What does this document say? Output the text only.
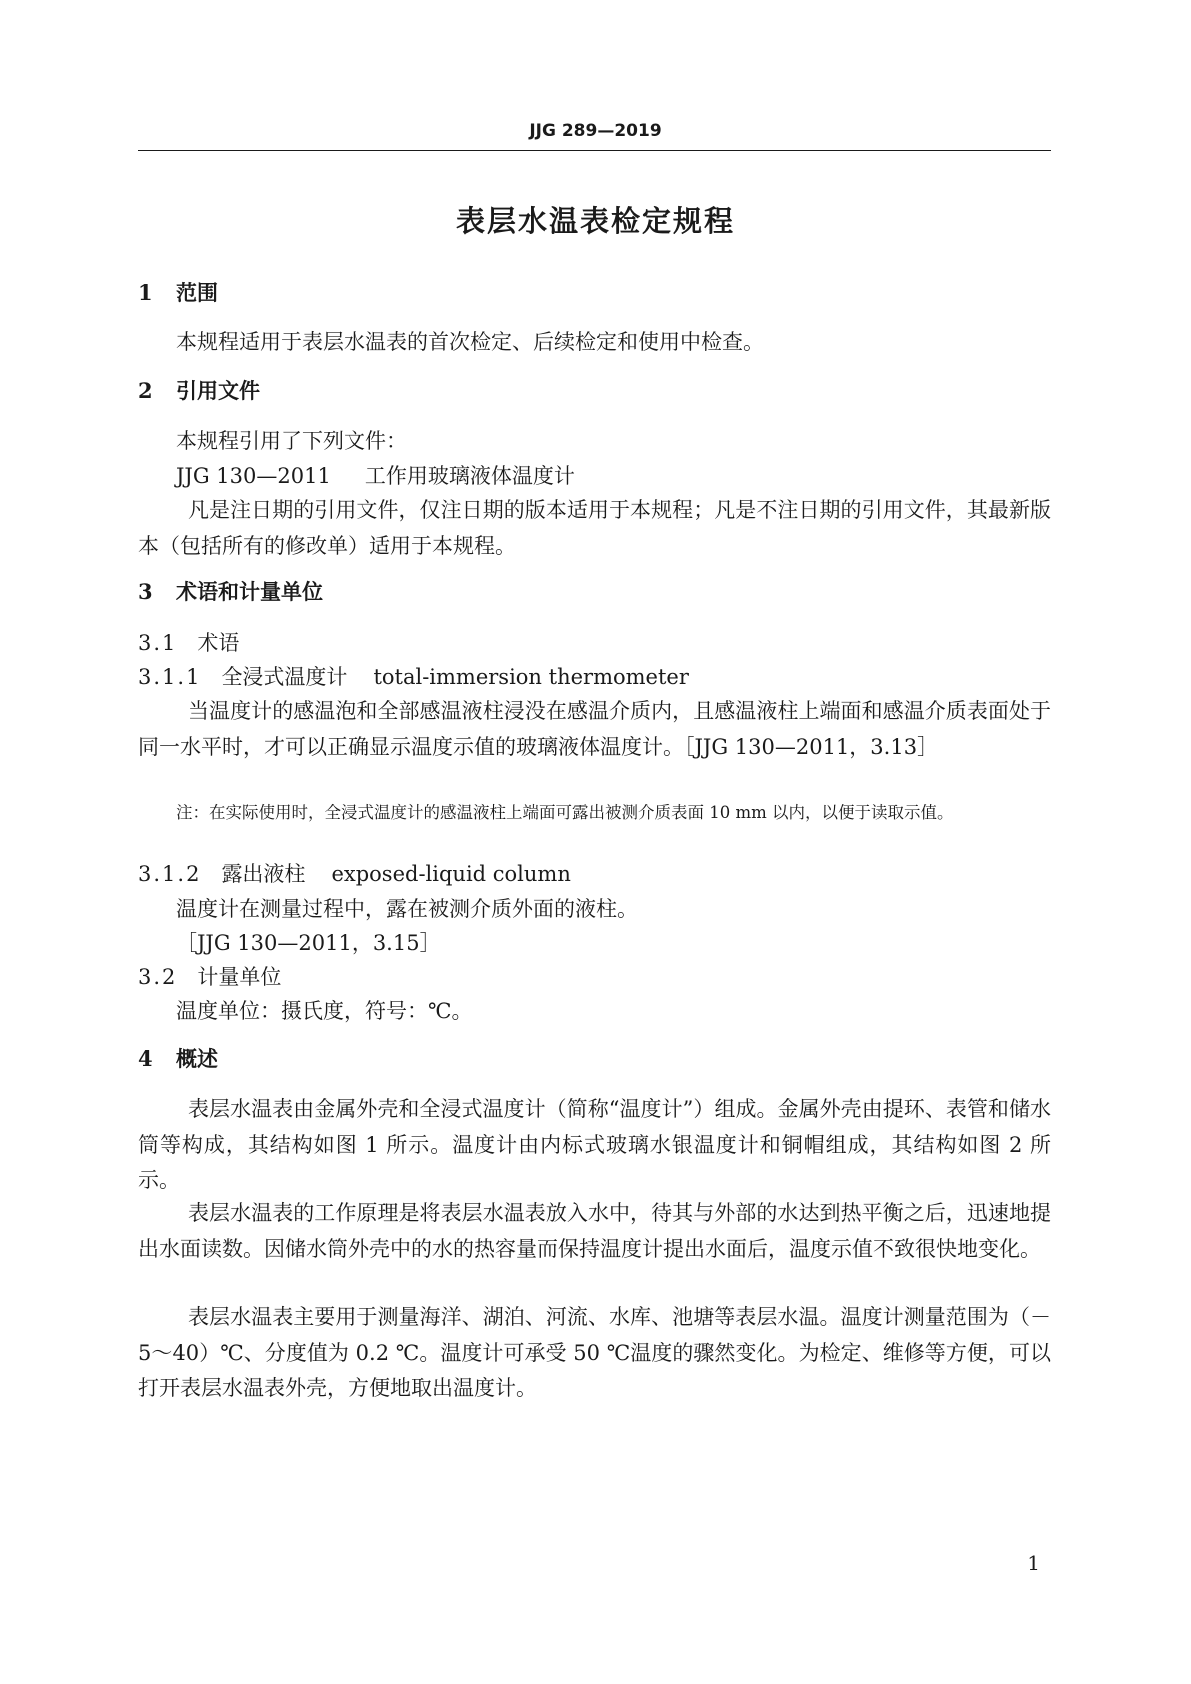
JJG 289—2019
表层水温表检定规程
1 范围
本规程适用于表层水温表的首次检定、后续检定和使用中检查。
2 引用文件
本规程引用了下列文件：
JJG 130—2011 工作用玻璃液体温度计
凡是注日期的引用文件，仅注日期的版本适用于本规程；凡是不注日期的引用文件，其最新版本（包括所有的修改单）适用于本规程。
3 术语和计量单位
3.1 术语
3.1.1 全浸式温度计 total-immersion thermometer
当温度计的感温泡和全部感温液柱浸没在感温介质内，且感温液柱上端面和感温介质表面处于同一水平时，才可以正确显示温度示值的玻璃液体温度计。［JJG 130—2011，3.13］
注：在实际使用时，全浸式温度计的感温液柱上端面可露出被测介质表面 10 mm 以内，以便于读取示值。
3.1.2 露出液柱 exposed-liquid column
温度计在测量过程中，露在被测介质外面的液柱。
［JJG 130—2011，3.15］
3.2 计量单位
温度单位：摄氏度，符号：℃。
4 概述
表层水温表由金属外壳和全浸式温度计（简称“温度计”）组成。金属外壳由提环、表管和储水筒等构成，其结构如图 1 所示。温度计由内标式玻璃水银温度计和铜帽组成，其结构如图 2 所示。
表层水温表的工作原理是将表层水温表放入水中，待其与外部的水达到热平衡之后，迅速地提出水面读数。因储水筒外壳中的水的热容量而保持温度计提出水面后，温度示值不致很快地变化。
表层水温表主要用于测量海洋、湖泊、河流、水库、池塘等表层水温。温度计测量范围为（－5～40）℃、分度值为 0.2 ℃。温度计可承受 50 ℃温度的骤然变化。为检定、维修等方便，可以打开表层水温表外壳，方便地取出温度计。
1
